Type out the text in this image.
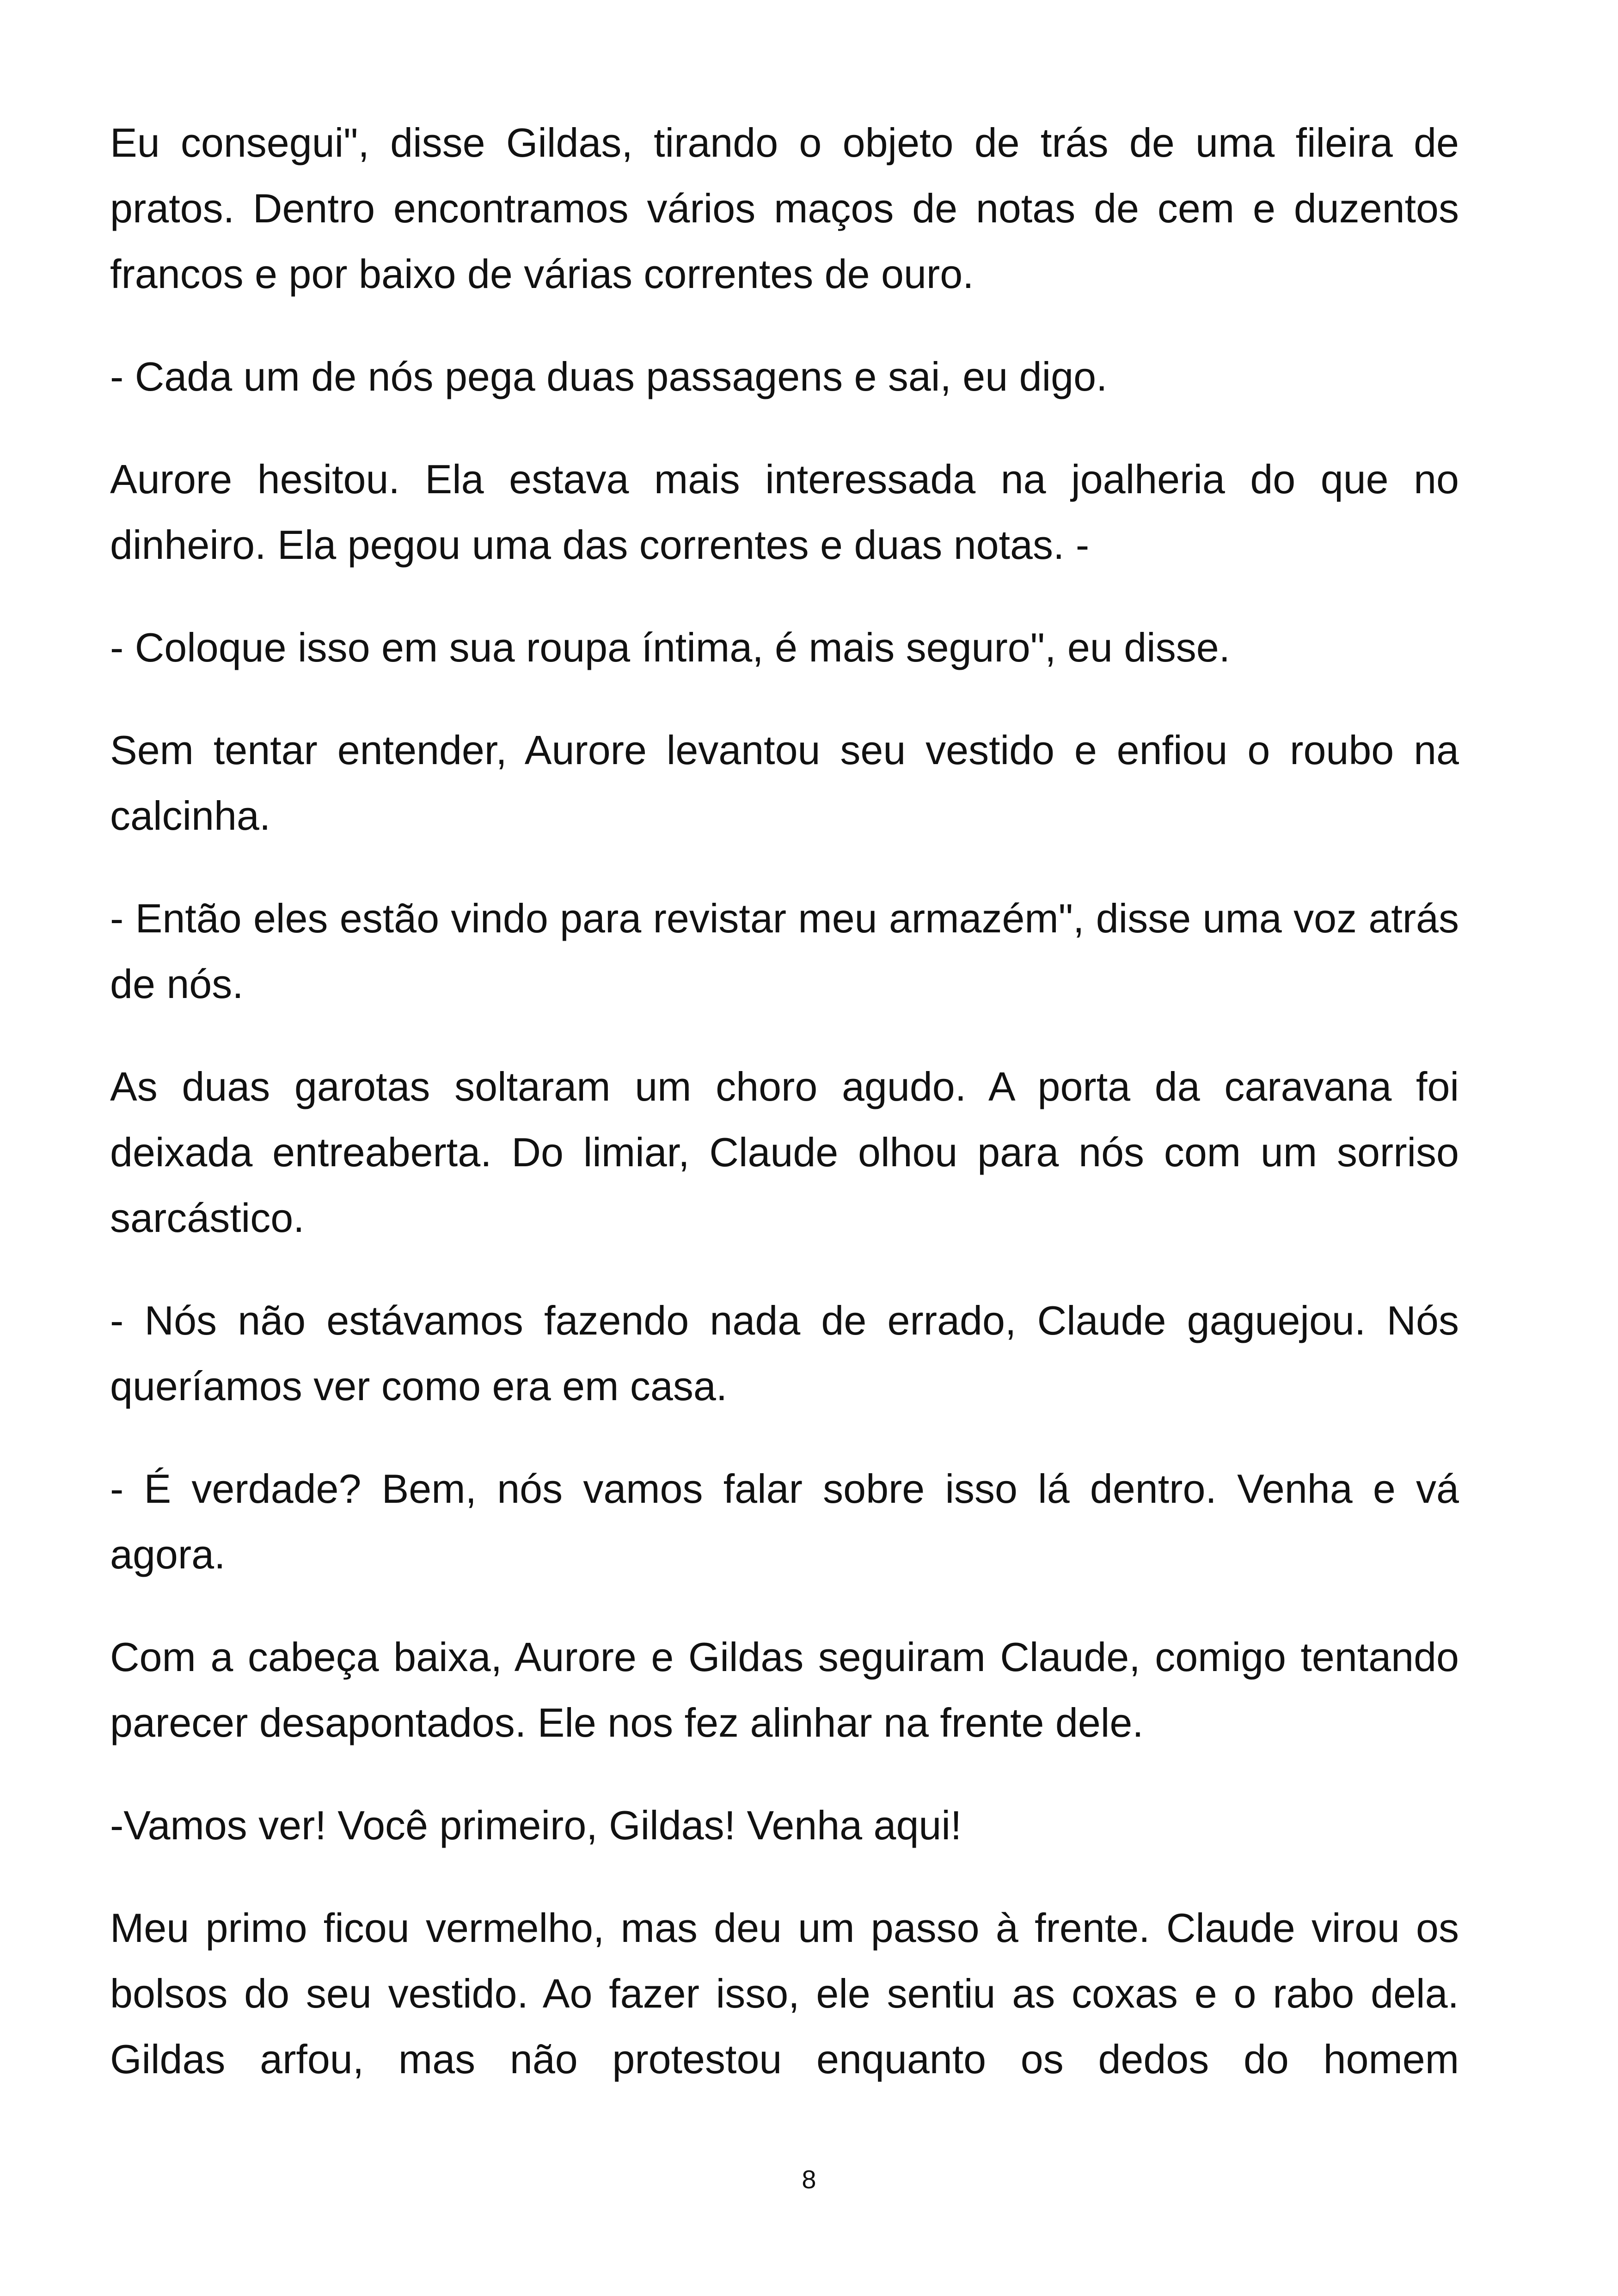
Eu consegui", disse Gildas, tirando o objeto de trás de uma fileira de pratos. Dentro encontramos vários maços de notas de cem e duzentos francos e por baixo de várias correntes de ouro.

- Cada um de nós pega duas passagens e sai, eu digo.

Aurore hesitou. Ela estava mais interessada na joalheria do que no dinheiro. Ela pegou uma das correntes e duas notas. -

- Coloque isso em sua roupa íntima, é mais seguro", eu disse.

Sem tentar entender, Aurore levantou seu vestido e enfiou o roubo na calcinha.

- Então eles estão vindo para revistar meu armazém", disse uma voz atrás de nós.

As duas garotas soltaram um choro agudo. A porta da caravana foi deixada entreaberta. Do limiar, Claude olhou para nós com um sorriso sarcástico.

- Nós não estávamos fazendo nada de errado, Claude gaguejou. Nós queríamos ver como era em casa.

- É verdade? Bem, nós vamos falar sobre isso lá dentro. Venha e vá agora.

Com a cabeça baixa, Aurore e Gildas seguiram Claude, comigo tentando parecer desapontados. Ele nos fez alinhar na frente dele.

-Vamos ver! Você primeiro, Gildas! Venha aqui!

Meu primo ficou vermelho, mas deu um passo à frente. Claude virou os bolsos do seu vestido. Ao fazer isso, ele sentiu as coxas e o rabo dela. Gildas arfou, mas não protestou enquanto os dedos do homem

8
